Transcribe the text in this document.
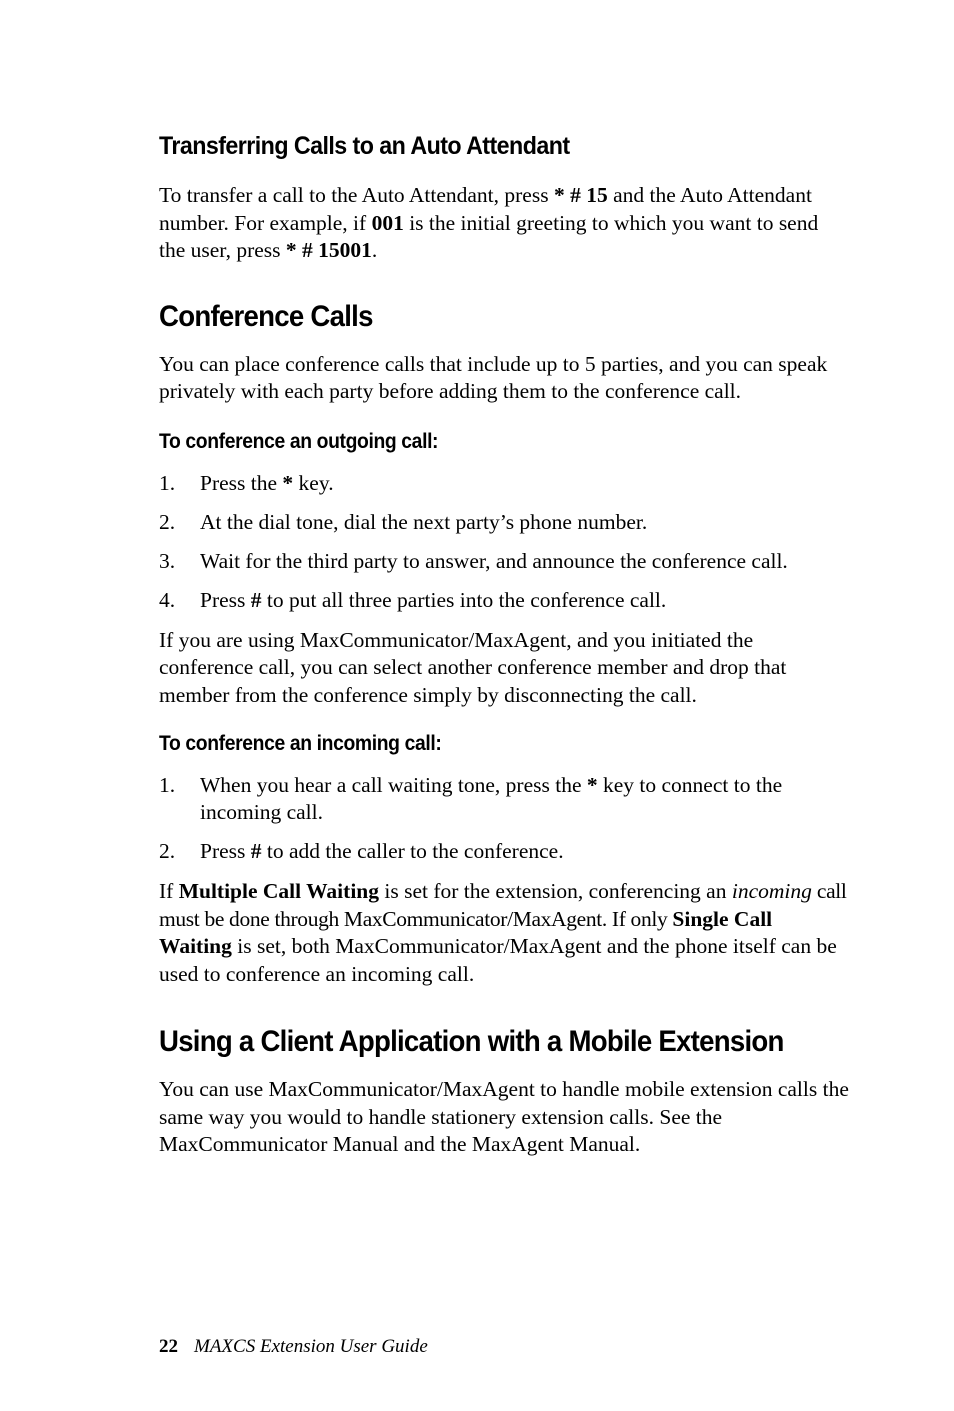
Transferring Calls to an Auto Attendant

To transfer a call to the Auto Attendant, press * # 15 and the Auto Attendant number. For example, if 001 is the initial greeting to which you want to send the user, press * # 15001.

Conference Calls

You can place conference calls that include up to 5 parties, and you can speak privately with each party before adding them to the conference call.

To conference an outgoing call:
1. Press the * key.
2. At the dial tone, dial the next party’s phone number.
3. Wait for the third party to answer, and announce the conference call.
4. Press # to put all three parties into the conference call.

If you are using MaxCommunicator/MaxAgent, and you initiated the conference call, you can select another conference member and drop that member from the conference simply by disconnecting the call.

To conference an incoming call:
1. When you hear a call waiting tone, press the * key to connect to the incoming call.
2. Press # to add the caller to the conference.

If Multiple Call Waiting is set for the extension, conferencing an incoming call must be done through MaxCommunicator/MaxAgent. If only Single Call Waiting is set, both MaxCommunicator/MaxAgent and the phone itself can be used to conference an incoming call.

Using a Client Application with a Mobile Extension

You can use MaxCommunicator/MaxAgent to handle mobile extension calls the same way you would to handle stationery extension calls. See the MaxCommunicator Manual and the MaxAgent Manual.

22 MAXCS Extension User Guide
